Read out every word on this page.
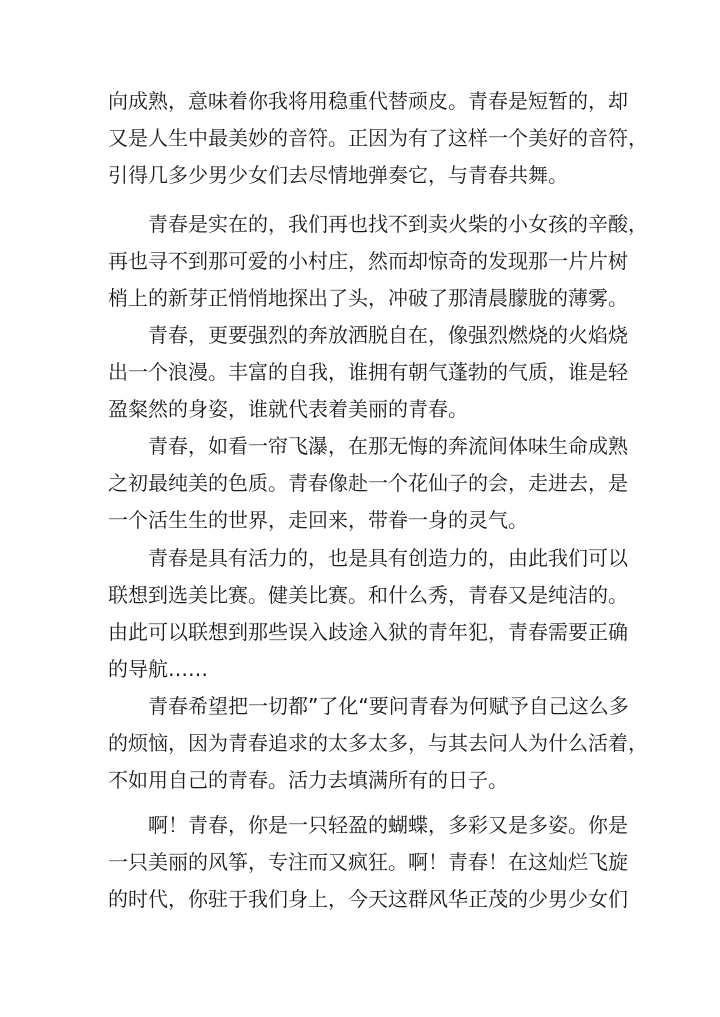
向成熟，意味着你我将用稳重代替顽皮。青春是短暂的，却
又是人生中最美妙的音符。正因为有了这样一个美好的音符，
引得几多少男少女们去尽情地弹奏它，与青春共舞。
青春是实在的，我们再也找不到卖火柴的小女孩的辛酸，
再也寻不到那可爱的小村庄，然而却惊奇的发现那一片片树
梢上的新芽正悄悄地探出了头，冲破了那清晨朦胧的薄雾。
青春，更要强烈的奔放洒脱自在，像强烈燃烧的火焰烧
出一个浪漫。丰富的自我，谁拥有朝气蓬勃的气质，谁是轻
盈粲然的身姿，谁就代表着美丽的青春。
青春，如看一帘飞瀑，在那无悔的奔流间体味生命成熟
之初最纯美的色质。青春像赴一个花仙子的会，走进去，是
一个活生生的世界，走回来，带眷一身的灵气。
青春是具有活力的，也是具有创造力的，由此我们可以
联想到选美比赛。健美比赛。和什么秀，青春又是纯洁的。
由此可以联想到那些误入歧途入狱的青年犯，青春需要正确
的导航……
青春希望把一切都”了化“要问青春为何赋予自己这么多
的烦恼，因为青春追求的太多太多，与其去问人为什么活着，
不如用自己的青春。活力去填满所有的日子。
啊！青春，你是一只轻盈的蝴蝶，多彩又是多姿。你是
一只美丽的风筝，专注而又疯狂。啊！青春！在这灿烂飞旋
的时代，你驻于我们身上，今天这群风华正茂的少男少女们
